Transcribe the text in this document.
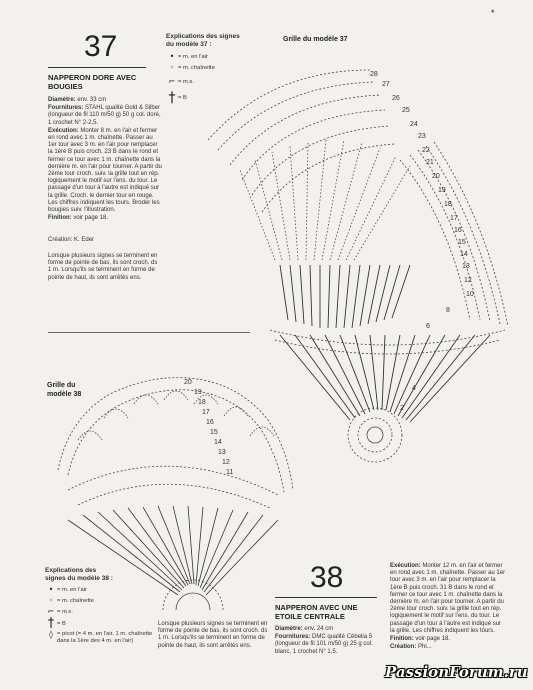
*
37
NAPPERON DORE AVEC
BOUGIES
Diamètre: env. 33 cm
Fournitures: STAHL qualité Gold & Silber (longueur de fil 110 m/50 g) 50 g col. doré, 1 crochet N° 2-2,5.
Exécution: Monter 8 m. en l'air et fermer en rond avec 1 m. chaînette. Passer au 1er tour avec 3 m. en l'air pour remplacer la 1ère B puis croch. 23 B dans le rond et fermer ce tour avec 1 m. chaînette dans la dernière m. en l'air pour tourner. A partir du 2ème tour croch. suiv. la grille tout en rép. logiquement le motif sur l'ens. du tour. Le passage d'un tour à l'autre est indiqué sur la grille. Croch. le dernier tour en rouge. Les chiffres indiquent les tours. Broder les bougies suiv. l'illustration.
Finition: voir page 18.
Création: K. Eder
Lorsque plusieurs signes se terminent en forme de pointe de bas, ils sont croch. ds 1 m. Lorsqu'ils se terminent en forme de pointe de haut, ils sont arrêtés ens.
Explications des signes du modèle 37 :
• = m. en l'air
◦ = m. chaînette
⌐ = m.s.
† = B
Grille du modèle 37
28
27
26
25
24
23
22
21
20
19
18
17
16
15
14
13
12
10
8
6
4
2
Grille du
modèle 38
20
19
18
17
16
15
14
13
12
11
Explications des
signes du modèle 38 :
• = m. en l'air
◦ = m. chaînette
⌐ = m.s.
† = B
◊ = picot (= 4 m. en l'air, 1 m. chaînette dans la 1ère des 4 m. en l'air)
Lorsque plusieurs signes se terminent en forme de pointe de bas, ils sont croch. ds 1 m. Lorsqu'ils se terminent en forme de pointe de haut, ils sont arrêtés ens.
38
NAPPERON AVEC UNE
ETOILE CENTRALE
Diamètre: env. 24 cm
Fournitures: DMC qualité Cébelia 5 (longueur de fil 101 m/50 g) 25 g col. blanc, 1 crochet N° 1,5.
Exécution: Monter 12 m. en l'air et fermer en rond avec 1 m. chaînette. Passer au 1er tour avec 3 m. en l'air pour remplacer la 1ère B puis croch. 31 B dans le rond et fermer ce tour avec 1 m. chaînette dans la dernière m. en l'air pour tourner. A partir du 2ème tour croch. suiv. la grille tout en rép. logiquement le motif sur l'ens. du tour. Le passage d'un tour à l'autre est indiqué sur la grille. Les chiffres indiquent les tours.
Finition: voir page 18.
Création: Phi...
PassionForum.ru
